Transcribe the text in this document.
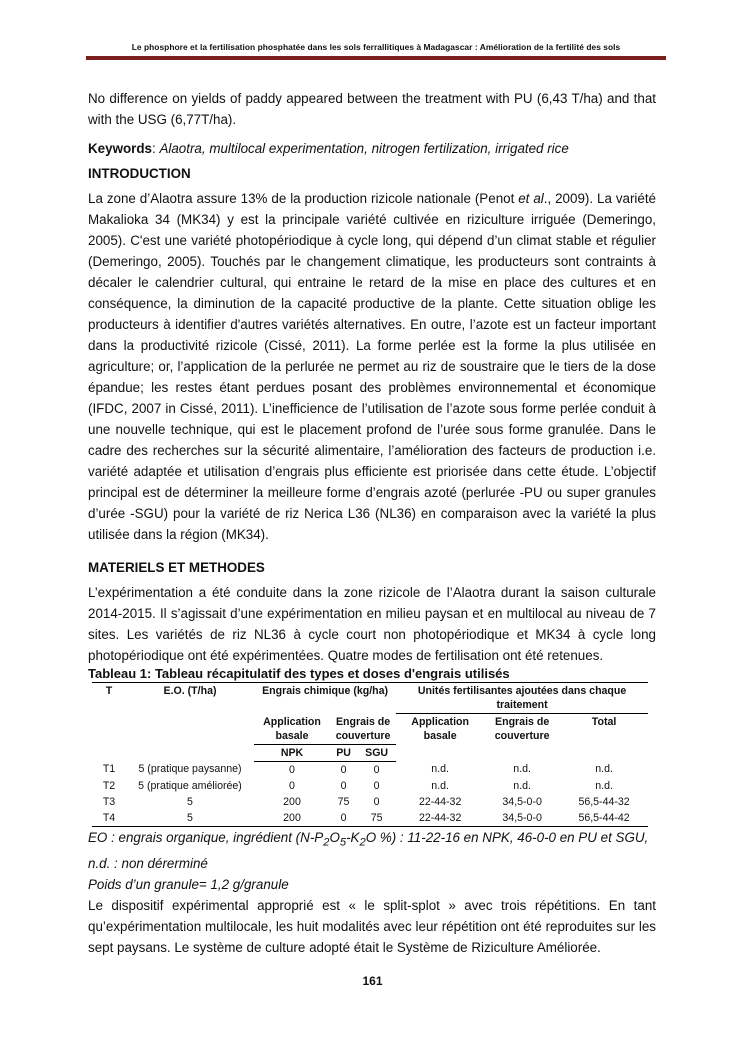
Le phosphore et la fertilisation phosphatée dans les sols ferrallitiques à Madagascar : Amélioration de la fertilité des sols

No difference on yields of paddy appeared between the treatment with PU (6,43 T/ha) and that with the USG (6,77T/ha).

Keywords: Alaotra, multilocal experimentation, nitrogen fertilization, irrigated rice

INTRODUCTION

La zone d’Alaotra assure 13% de la production rizicole nationale (Penot et al., 2009). La variété Makalioka 34 (MK34) y est la principale variété cultivée en riziculture irriguée (Demeringo, 2005). C'est une variété photopériodique à cycle long, qui dépend d’un climat stable et régulier (Demeringo, 2005). Touchés par le changement climatique, les producteurs sont contraints à décaler le calendrier cultural, qui entraine le retard de la mise en place des cultures et en conséquence, la diminution de la capacité productive de la plante. Cette situation oblige les producteurs à identifier d'autres variétés alternatives. En outre, l’azote est un facteur important dans la productivité rizicole (Cissé, 2011). La forme perlée est la forme la plus utilisée en agriculture; or, l’application de la perlurée ne permet au riz de soustraire que le tiers de la dose épandue; les restes étant perdues posant des problèmes environnemental et économique (IFDC, 2007 in Cissé, 2011). L’inefficience de l’utilisation de l’azote sous forme perlée conduit à une nouvelle technique, qui est le placement profond de l’urée sous forme granulée. Dans le cadre des recherches sur la sécurité alimentaire, l’amélioration des facteurs de production i.e. variété adaptée et utilisation d’engrais plus efficiente est priorisée dans cette étude. L’objectif principal est de déterminer la meilleure forme d’engrais azoté (perlurée -PU ou super granules d’urée -SGU) pour la variété de riz Nerica L36 (NL36) en comparaison avec la variété la plus utilisée dans la région (MK34).

MATERIELS ET METHODES

L’expérimentation a été conduite dans la zone rizicole de l’Alaotra durant la saison culturale 2014-2015. Il s’agissait d’une expérimentation en milieu paysan et en multilocal au niveau de 7 sites. Les variétés de riz NL36 à cycle court non photopériodique et MK34 à cycle long photopériodique ont été expérimentées. Quatre modes de fertilisation ont été retenues.

Tableau 1: Tableau récapitulatif des types et doses d'engrais utilisés
T	E.O. (T/ha)	Engrais chimique (kg/ha)			Unités fertilisantes ajoutées dans chaque traitement		
		Application basale	Engrais de couverture		Application basale	Engrais de couverture	Total
		NPK	PU	SGU			
T1	5 (pratique paysanne)	0	0	0	n.d.	n.d.	n.d.
T2	5 (pratique améliorée)	0	0	0	n.d.	n.d.	n.d.
T3	5	200	75	0	22-44-32	34,5-0-0	56,5-44-32
T4	5	200	0	75	22-44-32	34,5-0-0	56,5-44-42
EO : engrais organique, ingrédient ($N-P_2O_5-K_2O$ %) : 11-22-16 en NPK, 46-0-0 en PU et SGU,
n.d. : non dérerminé
Poids d’un granule= 1,2 g/granule

Le dispositif expérimental approprié est « le split-splot » avec trois répétitions. En tant qu’expérimentation multilocale, les huit modalités avec leur répétition ont été reproduites sur les sept paysans. Le système de culture adopté était le Système de Riziculture Améliorée.

161
